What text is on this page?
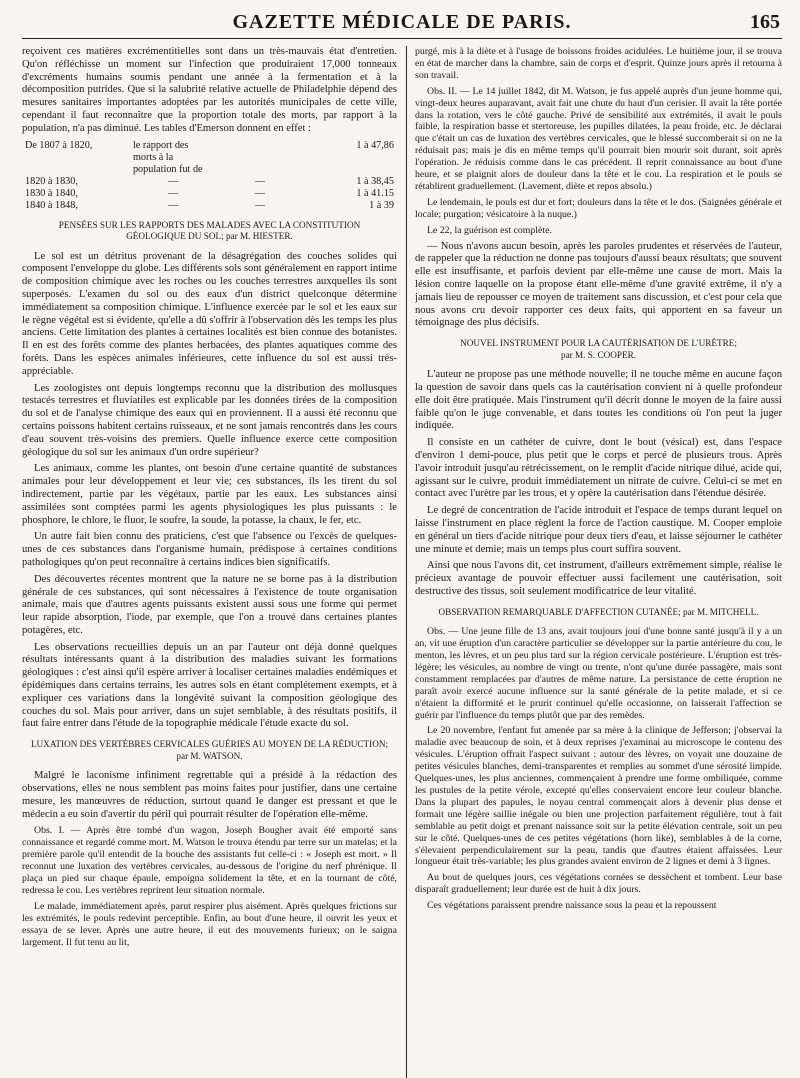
GAZETTE MÉDICALE DE PARIS.	165

reçoivent ces matières excrémentitielles sont dans un très-mauvais état d'entretien. Qu'on réfléchisse un moment sur l'infection que produiraient 17,000 tonneaux d'excréments humains soumis pendant une année à la fermentation et à la décomposition putrides. Que si la salubrité relative actuelle de Philadelphie dépend des mesures sanitaires importantes adoptées par les autorités municipales de cette ville, cependant il faut reconnaître que la proportion totale des morts, par rapport à la population, n'a pas diminué. Les tables d'Emerson donnent en effet :

De 1807 à 1820,	le rapport des morts à la population fut de		1 à 47,86
1820 à 1830,	—	—	1 à 38,45
1830 à 1840,	—	—	1 à 41.15
1840 à 1848,	—	—	1 à 39
PENSÉES SUR LES RAPPORTS DES MALADES AVEC LA CONSTITUTION
GÉOLOGIQUE DU SOL; par M. HIESTER.

Le sol est un détritus provenant de la désagrégation des couches solides qui composent l'enveloppe du globe. Les différents sols sont généralement en rapport intime de composition chimique avec les roches ou les couches terrestres auxquelles ils sont superposés. L'examen du sol ou des eaux d'un district quelconque détermine immédiatement sa composition chimique. L'influence exercée par le sol et les eaux sur le règne végétal est si évidente, qu'elle a dû s'offrir à l'observation dès les temps les plus anciens. Cette limitation des plantes à certaines localités est bien connue des botanistes. Il en est des forêts comme des plantes herbacées, des plantes aquatiques comme des forêts. Dans les espèces animales inférieures, cette influence du sol est aussi très-appréciable.

Les zoologistes ont depuis longtemps reconnu que la distribution des mollusques testacés terrestres et fluviatiles est explicable par les données tirées de la composition du sol et de l'analyse chimique des eaux qui en proviennent. Il a aussi été reconnu que certains poissons habitent certains ruisseaux, et ne sont jamais rencontrés dans les cours d'eau souvent très-voisins des premiers. Quelle influence exerce cette composition géologique du sol sur les animaux d'un ordre supérieur?

Les animaux, comme les plantes, ont besoin d'une certaine quantité de substances animales pour leur développement et leur vie; ces substances, ils les tirent du sol indirectement, partie par les végétaux, partie par les eaux. Les substances ainsi assimilées sont comptées parmi les agents physiologiques les plus puissants : le phosphore, le chlore, le fluor, le soufre, la soude, la potasse, la chaux, le fer, etc.

Un autre fait bien connu des praticiens, c'est que l'absence ou l'excès de quelques-unes de ces substances dans l'organisme humain, prédispose à certaines conditions pathologiques qu'on peut reconnaître à certains indices bien significatifs.

Des découvertes récentes montrent que la nature ne se borne pas à la distribution générale de ces substances, qui sont nécessaires à l'existence de toute organisation animale, mais que d'autres agents puissants existent aussi sous une forme qui permet leur rapide absorption, l'iode, par exemple, que l'on a trouvé dans certaines plantes potagères, etc.

Les observations recueillies depuis un an par l'auteur ont déjà donné quelques résultats intéressants quant à la distribution des maladies suivant les formations géologiques : c'est ainsi qu'il espère arriver à localiser certaines maladies endémiques et épidémiques dans certains terrains, les autres sols en étant complétement exempts, et à expliquer ces variations dans la longévité suivant la composition géologique des couches du sol. Mais pour arriver, dans un sujet semblable, à des résultats positifs, il faut faire entrer dans l'étude de la topographie médicale l'étude exacte du sol.

LUXATION DES VERTÈBRES CERVICALES GUÉRIES AU MOYEN DE LA RÉDUCTION;
par M. WATSON.

Malgré le laconisme infiniment regrettable qui a présidé à la rédaction des observations, elles ne nous semblent pas moins faites pour justifier, dans une certaine mesure, les manœuvres de réduction, surtout quand le danger est pressant et que le médecin a eu soin d'avertir du péril qui pourrait résulter de l'opération elle-même.

Obs. I. — Après être tombé d'un wagon, Joseph Bougher avait été emporté sans connaissance et regardé comme mort. M. Watson le trouva étendu par terre sur un matelas; et la première parole qu'il entendit de la bouche des assistants fut celle-ci : « Joseph est mort. » Il reconnut une luxation des vertèbres cervicales, au-dessous de l'origine du nerf phrénique. Il plaça un pied sur chaque épaule, empoigna solidement la tête, et en la tournant de côté, redressa le cou. Les vertèbres reprirent leur situation normale.

Le malade, immédiatement après, parut respirer plus aisément. Après quelques frictions sur les extrémités, le pouls redevint perceptible. Enfin, au bout d'une heure, il ouvrit les yeux et essaya de se lever. Après une autre heure, il eut des mouvements furieux; on le saigna largement. Il fut tenu au lit,

purgé, mis à la diète et à l'usage de boissons froides acidulées. Le huitième jour, il se trouva en état de marcher dans la chambre, sain de corps et d'esprit. Quinze jours après il retourna à son travail.

Obs. II. — Le 14 juillet 1842, dit M. Watson, je fus appelé auprès d'un jeune homme qui, vingt-deux heures auparavant, avait fait une chute du haut d'un cerisier. Il avait la tête portée dans la rotation, vers le côté gauche. Privé de sensibilité aux extrémités, il avait le pouls faible, la respiration basse et stertoreuse, les pupilles dilatées, la peau froide, etc. Je déclarai que c'était un cas de luxation des vertèbres cervicales, que le blessé succomberait si on ne la réduisait pas; mais je dis en même temps qu'il pourrait bien mourir soit durant, soit après l'opération. Je réduisis comme dans le cas précédent. Il reprit connaissance au bout d'une heure, et se plaignit alors de douleur dans la tête et le cou. La respiration et le pouls se rétablirent graduellement. (Lavement, diète et repos absolu.)

Le lendemain, le pouls est dur et fort; douleurs dans la tête et le dos. (Saignées générale et locale; purgation; vésicatoire à la nuque.)

Le 22, la guérison est complète.

— Nous n'avons aucun besoin, après les paroles prudentes et réservées de l'auteur, de rappeler que la réduction ne donne pas toujours d'aussi beaux résultats; que souvent elle est insuffisante, et parfois devient par elle-même une cause de mort. Mais la lésion contre laquelle on la propose étant elle-même d'une gravité extrême, il n'y a jamais lieu de repousser ce moyen de traitement sans discussion, et c'est pour cela que nous avons cru devoir rapporter ces deux faits, qui apportent en sa faveur un témoignage des plus décisifs.

NOUVEL INSTRUMENT POUR LA CAUTÉRISATION DE L'URÈTRE;
par M. S. COOPER.

L'auteur ne propose pas une méthode nouvelle; il ne touche même en aucune façon la question de savoir dans quels cas la cautérisation convient ni à quelle profondeur elle doit être pratiquée. Mais l'instrument qu'il décrit donne le moyen de la faire aussi faible qu'on le juge convenable, et dans toutes les conditions où l'on peut la juger indiquée.

Il consiste en un cathéter de cuivre, dont le bout (vésical) est, dans l'espace d'environ 1 demi-pouce, plus petit que le corps et percé de plusieurs trous. Après l'avoir introduit jusqu'au rétrécissement, on le remplit d'acide nitrique dilué, acide qui, agissant sur le cuivre, produit immédiatement un nitrate de cuivre. Celui-ci se met en contact avec l'urètre par les trous, et y opère la cautérisation dans l'étendue désirée.

Le degré de concentration de l'acide introduit et l'espace de temps durant lequel on laisse l'instrument en place règlent la force de l'action caustique. M. Cooper emploie en général un tiers d'acide nitrique pour deux tiers d'eau, et laisse séjourner le cathéter une minute et demie; mais un temps plus court suffira souvent.

Ainsi que nous l'avons dit, cet instrument, d'ailleurs extrêmement simple, réalise le précieux avantage de pouvoir effectuer aussi facilement une cautérisation, soit destructive des tissus, soit seulement modificatrice de leur vitalité.

OBSERVATION REMARQUABLE D'AFFECTION CUTANÉE; par M. MITCHELL.

Obs. — Une jeune fille de 13 ans, avait toujours joui d'une bonne santé jusqu'à il y a un an, vit une éruption d'un caractère particulier se développer sur la partie antérieure du cou, le menton, les lèvres, et un peu plus tard sur la région cervicale postérieure. L'éruption est très-légère; les vésicules, au nombre de vingt ou trente, n'ont qu'une durée passagère, mais sont constamment remplacées par d'autres de même nature. La persistance de cette éruption ne paraît avoir exercé aucune influence sur la santé générale de la petite malade, et si ce n'étaient la difformité et le prurit continuel qu'elle occasionne, on laisserait l'affection se guérir par l'influence du temps plutôt que par des remèdes.

Le 20 novembre, l'enfant fut amenée par sa mère à la clinique de Jefferson; j'observai la maladie avec beaucoup de soin, et à deux reprises j'examinai au microscope le contenu des vésicules. L'éruption offrait l'aspect suivant : autour des lèvres, on voyait une douzaine de petites vésicules blanches, demi-transparentes et remplies au sommet d'une sérosité limpide. Quelques-unes, les plus anciennes, commençaient à prendre une forme ombiliquée, comme les pustules de la petite vérole, excepté qu'elles conservaient encore leur couleur blanche. Dans la plupart des papules, le noyau central commençait alors à devenir plus dense et formait une légère saillie inégale ou bien une projection parfaitement régulière, tout à fait semblable au petit doigt et prenant naissance soit sur la petite élévation centrale, soit un peu sur le côté. Quelques-unes de ces petites végétations (horn like), semblables à de la corne, s'élevaient perpendiculairement sur la peau, tandis que d'autres étaient affaissées. Leur longueur était très-variable; les plus grandes avaient environ de 2 lignes et demi à 3 lignes.

Au bout de quelques jours, ces végétations cornées se dessèchent et tombent. Leur base disparaît graduellement; leur durée est de huit à dix jours.

Ces végétations paraissent prendre naissance sous la peau et la repoussent
